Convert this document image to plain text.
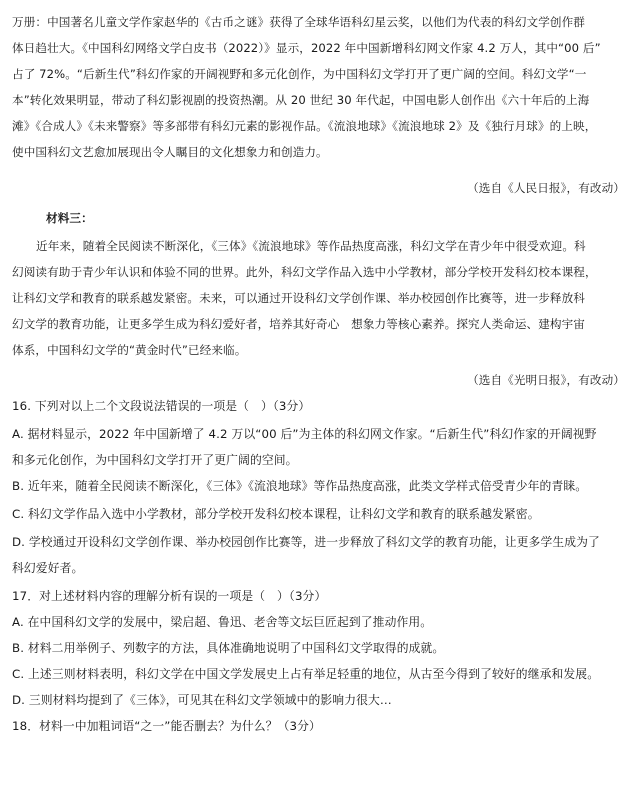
万册：中国著名儿童文学作家赵华的《古币之谜》获得了全球华语科幻星云奖，以他们为代表的科幻文学创作群
体日趋壮大。《中国科幻网络文学白皮书（2022）》显示，2022 年中国新增科幻网文作家 4.2 万人，其中“00 后”
占了 72%。“后新生代”科幻作家的开阔视野和多元化创作，为中国科幻文学打开了更广阔的空间。科幻文学“一
本”转化效果明显，带动了科幻影视剧的投资热潮。从 20 世纪 30 年代起，中国电影人创作出《六十年后的上海
滩》《合成人》《未来警察》等多部带有科幻元素的影视作品。《流浪地球》《流浪地球 2》及《独行月球》的上映，
使中国科幻文艺愈加展现出令人瞩目的文化想象力和创造力。
（选自《人民日报》，有改动）
材料三：
近年来，随着全民阅读不断深化，《三体》《流浪地球》等作品热度高涨，科幻文学在青少年中很受欢迎。科
幻阅读有助于青少年认识和体验不同的世界。此外，科幻文学作品入选中小学教材，部分学校开发科幻校本课程，
让科幻文学和教育的联系越发紧密。未来，可以通过开设科幻文学创作课、举办校园创作比赛等，进一步释放科
幻文学的教育功能，让更多学生成为科幻爱好者，培养其好奇心　想象力等核心素养。探究人类命运、建构宇宙
体系，中国科幻文学的“黄金时代”已经来临。
（选自《光明日报》，有改动）
16. 下列对以上二个文段说法错误的一项是（　）（3分）
A. 据材料显示，2022 年中国新增了 4.2 万以“00 后”为主体的科幻网文作家。“后新生代”科幻作家的开阔视野
和多元化创作，为中国科幻文学打开了更广阔的空间。
B. 近年来，随着全民阅读不断深化，《三体》《流浪地球》等作品热度高涨，此类文学样式倍受青少年的青睐。
C. 科幻文学作品入选中小学教材，部分学校开发科幻校本课程，让科幻文学和教育的联系越发紧密。
D. 学校通过开设科幻文学创作课、举办校园创作比赛等，进一步释放了科幻文学的教育功能，让更多学生成为了
科幻爱好者。
17．对上述材料内容的理解分析有误的一项是（　）（3分）
A. 在中国科幻文学的发展中，梁启超、鲁迅、老舍等文坛巨匠起到了推动作用。
B. 材料二用举例子、列数字的方法，具体准确地说明了中国科幻文学取得的成就。
C. 上述三则材料表明，科幻文学在中国文学发展史上占有举足轻重的地位，从古至今得到了较好的继承和发展。
D. 三则材料均提到了《三体》，可见其在科幻文学领域中的影响力很大…
18．材料一中加粗词语“之一”能否删去？为什么？（3分）
